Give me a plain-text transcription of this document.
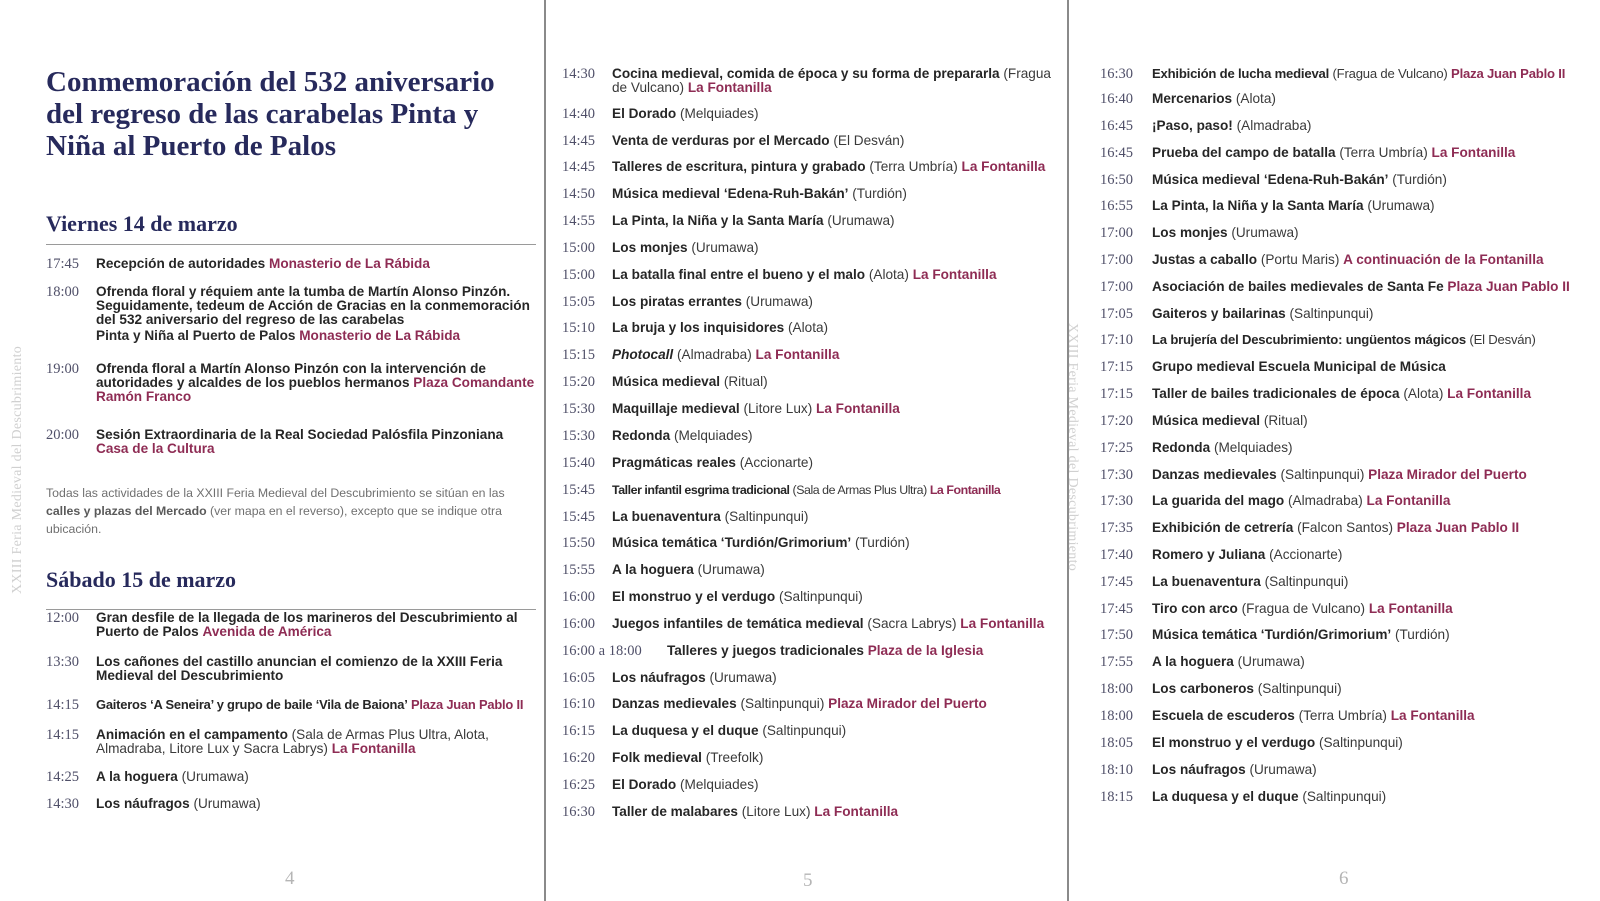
XXIII Feria Medieval del Descubrimiento
Conmemoración del 532 aniversario del regreso de las carabelas Pinta y Niña al Puerto de Palos
Viernes 14 de marzo
17:45	Recepción de autoridades Monasterio de La Rábida
18:00	Ofrenda floral y réquiem ante la tumba de Martín Alonso Pinzón. Seguidamente, tedeum de Acción de Gracias en la conmemoración del 532 aniversario del regreso de las carabelas
Pinta y Niña al Puerto de Palos Monasterio de La Rábida
19:00	Ofrenda floral a Martín Alonso Pinzón con la intervención de autoridades y alcaldes de los pueblos hermanos Plaza Comandante Ramón Franco
20:00	Sesión Extraordinaria de la Real Sociedad Palósfila Pinzoniana
Casa de la Cultura

Todas las actividades de la XXIII Feria Medieval del Descubrimiento se sitúan en las calles y plazas del Mercado (ver mapa en el reverso), excepto que se indique otra ubicación.

Sábado 15 de marzo
12:00	Gran desfile de la llegada de los marineros del Descubrimiento al Puerto de Palos Avenida de América
13:30	Los cañones del castillo anuncian el comienzo de la XXIII Feria Medieval del Descubrimiento
14:15	Gaiteros ‘A Seneira’ y grupo de baile ‘Vila de Baiona’ Plaza Juan Pablo II
14:15	Animación en el campamento (Sala de Armas Plus Ultra, Alota, Almadraba, Litore Lux y Sacra Labrys) La Fontanilla
14:25	A la hoguera (Urumawa)
14:30	Los náufragos (Urumawa)
4
14:30	Cocina medieval, comida de época y su forma de prepararla (Fragua de Vulcano) La Fontanilla
14:40	El Dorado (Melquiades)
14:45	Venta de verduras por el Mercado (El Desván)
14:45	Talleres de escritura, pintura y grabado (Terra Umbría) La Fontanilla
14:50	Música medieval ‘Edena-Ruh-Bakán’ (Turdión)
14:55	La Pinta, la Niña y la Santa María (Urumawa)
15:00	Los monjes (Urumawa)
15:00	La batalla final entre el bueno y el malo (Alota) La Fontanilla
15:05	Los piratas errantes (Urumawa)
15:10	La bruja y los inquisidores (Alota)
15:15	Photocall (Almadraba) La Fontanilla
15:20	Música medieval (Ritual)
15:30	Maquillaje medieval (Litore Lux) La Fontanilla
15:30	Redonda (Melquiades)
15:40	Pragmáticas reales (Accionarte)
15:45	Taller infantil esgrima tradicional (Sala de Armas Plus Ultra) La Fontanilla
15:45	La buenaventura (Saltinpunqui)
15:50	Música temática ‘Turdión/Grimorium’ (Turdión)
15:55	A la hoguera (Urumawa)
16:00	El monstruo y el verdugo (Saltinpunqui)
16:00	Juegos infantiles de temática medieval (Sacra Labrys) La Fontanilla
16:00 a 18:00	Talleres y juegos tradicionales Plaza de la Iglesia
16:05	Los náufragos (Urumawa)
16:10	Danzas medievales (Saltinpunqui) Plaza Mirador del Puerto
16:15	La duquesa y el duque (Saltinpunqui)
16:20	Folk medieval (Treefolk)
16:25	El Dorado (Melquiades)
16:30	Taller de malabares (Litore Lux) La Fontanilla
5
XXIII Feria Medieval del Descubrimiento
16:30	Exhibición de lucha medieval (Fragua de Vulcano) Plaza Juan Pablo II
16:40	Mercenarios (Alota)
16:45	¡Paso, paso! (Almadraba)
16:45	Prueba del campo de batalla (Terra Umbría) La Fontanilla
16:50	Música medieval ‘Edena-Ruh-Bakán’ (Turdión)
16:55	La Pinta, la Niña y la Santa María (Urumawa)
17:00	Los monjes (Urumawa)
17:00	Justas a caballo (Portu Maris) A continuación de la Fontanilla
17:00	Asociación de bailes medievales de Santa Fe Plaza Juan Pablo II
17:05	Gaiteros y bailarinas (Saltinpunqui)
17:10	La brujería del Descubrimiento: ungüentos mágicos (El Desván)
17:15	Grupo medieval Escuela Municipal de Música
17:15	Taller de bailes tradicionales de época (Alota) La Fontanilla
17:20	Música medieval (Ritual)
17:25	Redonda (Melquiades)
17:30	Danzas medievales (Saltinpunqui) Plaza Mirador del Puerto
17:30	La guarida del mago (Almadraba) La Fontanilla
17:35	Exhibición de cetrería (Falcon Santos) Plaza Juan Pablo II
17:40	Romero y Juliana (Accionarte)
17:45	La buenaventura (Saltinpunqui)
17:45	Tiro con arco (Fragua de Vulcano) La Fontanilla
17:50	Música temática ‘Turdión/Grimorium’ (Turdión)
17:55	A la hoguera (Urumawa)
18:00	Los carboneros (Saltinpunqui)
18:00	Escuela de escuderos (Terra Umbría) La Fontanilla
18:05	El monstruo y el verdugo (Saltinpunqui)
18:10	Los náufragos (Urumawa)
18:15	La duquesa y el duque (Saltinpunqui)
6
